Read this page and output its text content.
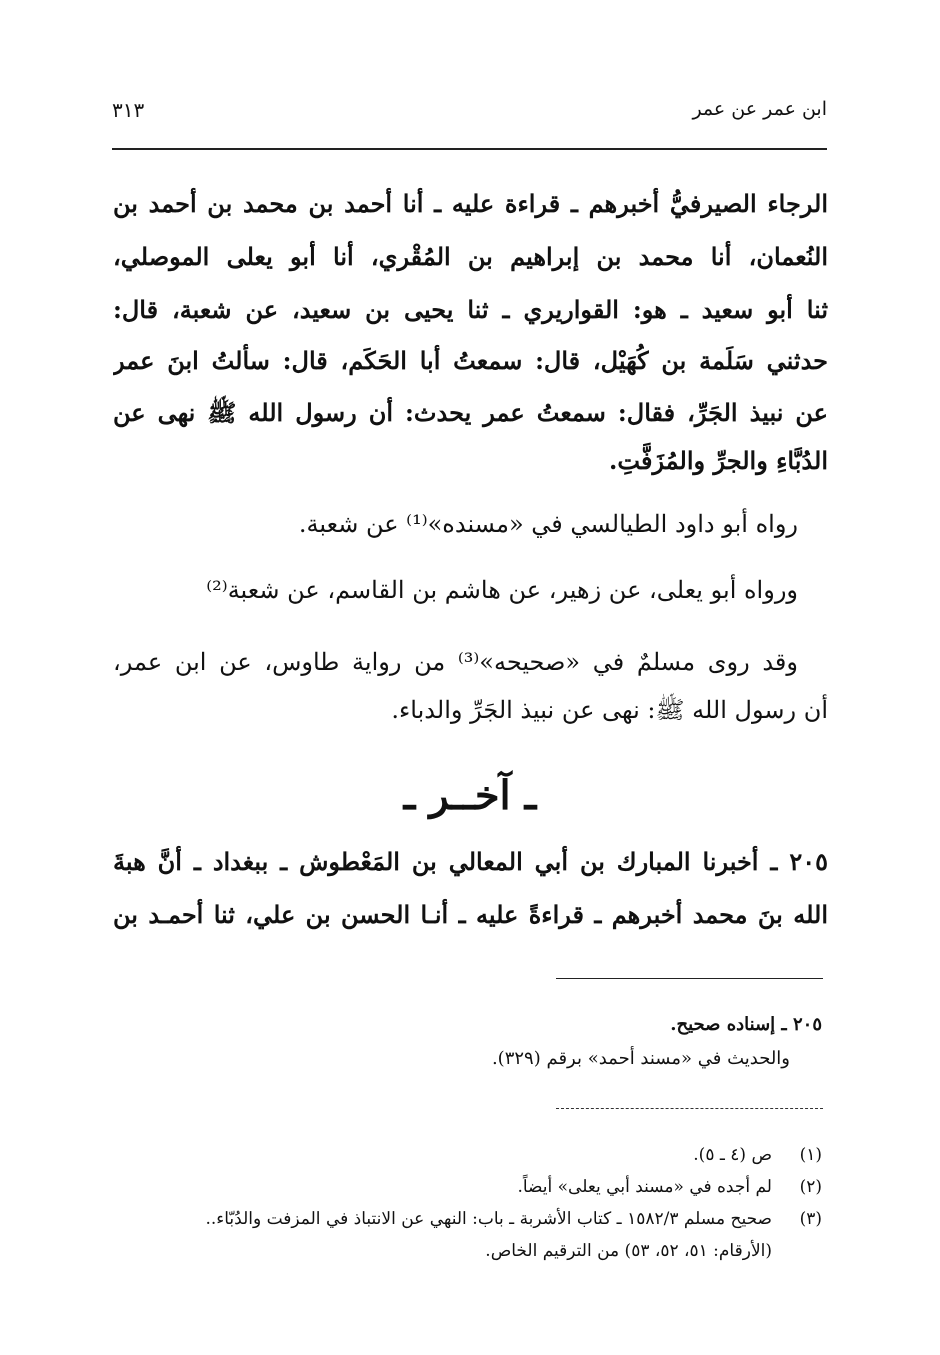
ابن عمر عن عمر
٣١٣
الرجاء الصيرفيُّ أخبرهم ـ قراءة عليه ـ أنا أحمد بن محمد بن أحمد بن
النُعمان، أنا محمد بن إبراهيم بن المُقْري، أنا أبو يعلى الموصلي،
ثنا أبو سعيد ـ هو: القواريري ـ ثنا يحيى بن سعيد، عن شعبة، قال:
حدثني سَلَمة بن كُهَيْل، قال: سمعتُ أبا الحَكَم، قال: سألتُ ابنَ عمر
عن نبيذ الجَرِّ، فقال: سمعتُ عمر يحدث: أن رسول الله ﷺ نهى عن
الدُبَّاءِ والجرِّ والمُزَفَّتِ.
رواه أبو داود الطيالسي في «مسنده»⁽¹⁾ عن شعبة.
ورواه أبو يعلى، عن زهير، عن هاشم بن القاسم، عن شعبة⁽²⁾
وقد روى مسلمٌ في «صحيحه»⁽³⁾ من رواية طاوس، عن ابن عمر،
أن رسول الله ﷺ: نهى عن نبيذ الجَرِّ والدباء.
ـ آخــر ـ
٢٠٥ ـ أخبرنا المبارك بن أبي المعالي بن المَعْطوش ـ ببغداد ـ أنَّ هبةَ
الله بنَ محمد أخبرهم ـ قراءةً عليه ـ أنـا الحسن بن علي، ثنا أحمـد بن
٢٠٥ ـ إسناده صحيح.
والحديث في «مسند أحمد» برقم (٣٢٩).
(١)
ص (٤ ـ ٥).
(٢)
لم أجده في «مسند أبي يعلى» أيضاً.
(٣)
صحيح مسلم ١٥٨٢/٣ ـ كتاب الأشربة ـ باب: النهي عن الانتباذ في المزفت والدُبّاء..
(الأرقام: ٥١، ٥٢، ٥٣) من الترقيم الخاص.
